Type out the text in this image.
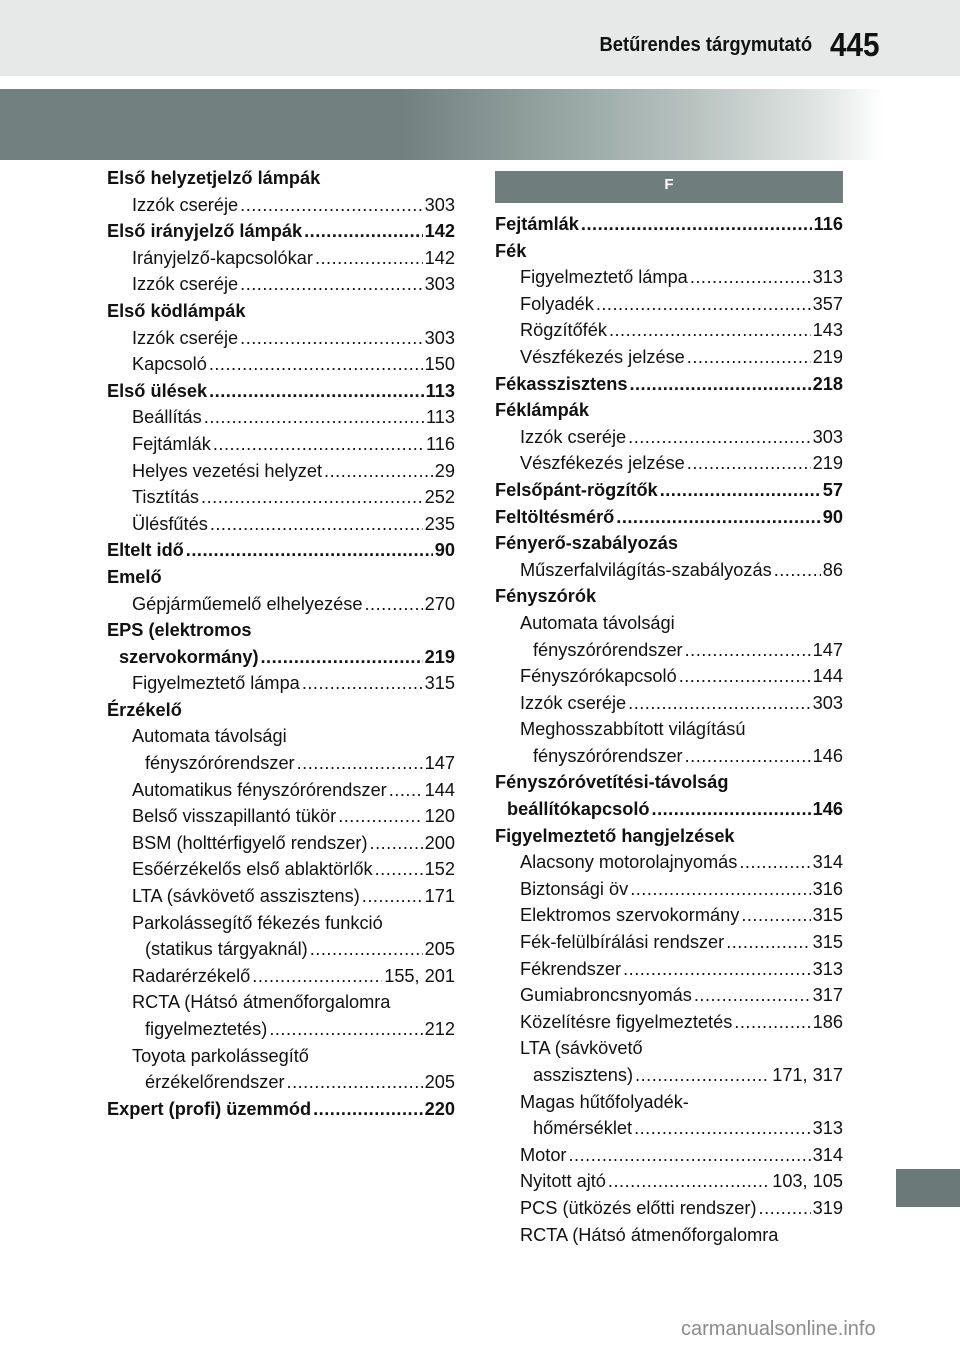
Betűrendes tárgymutató 445
Első helyzetjelző lámpák
Izzók cseréje .....	303
Első irányjelző lámpák .....	142
Irányjelző-kapcsolókar .....	142
Izzók cseréje .....	303
Első ködlámpák
Izzók cseréje .....	303
Kapcsoló .....	150
Első ülések .....	113
Beállítás .....	113
Fejtámlák .....	116
Helyes vezetési helyzet .....	29
Tisztítás .....	252
Ülésfűtés .....	235
Eltelt idő .....	90
Emelő
Gépjárműemelő elhelyezése .....	270
EPS (elektromos
szervokormány) .....	219
Figyelmeztető lámpa .....	315
Érzékelő
Automata távolsági
fényszórórendszer .....	147
Automatikus fényszórórendszer ..... 144
Belső visszapillantó tükör .....	120
BSM (holttérfigyelő rendszer) .....	200
Esőérzékelős első ablaktörlők .....	152
LTA (sávkövető asszisztens) .....	171
Parkolássegítő fékezés funkció
(statikus tárgyaknál) .....	205
Radarérzékelő .....	155, 201
RCTA (Hátsó átmenőforgalomra
figyelmeztetés) .....	212
Toyota parkolássegítő
érzékelőrendszer .....	205
Expert (profi) üzemmód .....	220
F
Fejtámlák .....	116
Fék
Figyelmeztető lámpa .....	313
Folyadék .....	357
Rögzítőfék .....	143
Vészfékezés jelzése .....	219
Fékasszisztens .....	218
Féklámpák
Izzók cseréje .....	303
Vészfékezés jelzése .....	219
Felsőpánt-rögzítők .....	57
Feltöltésmérő .....	90
Fényerő-szabályozás
Műszerfalvilágítás-szabályozás .....	86
Fényszórók
Automata távolsági
fényszórórendszer .....	147
Fényszórókapcsoló .....	144
Izzók cseréje .....	303
Meghosszabbított világítású
fényszórórendszer .....	146
Fényszóróvetítési-távolság
beállítókapcsoló .....	146
Figyelmeztető hangjelzések
Alacsony motorolajnyomás .....	314
Biztonsági öv .....	316
Elektromos szervokormány .....	315
Fék-felülbírálási rendszer .....	315
Fékrendszer .....	313
Gumiabroncsnyomás .....	317
Közelítésre figyelmeztetés .....	186
LTA (sávkövető
asszisztens) .....	171, 317
Magas hűtőfolyadék-
hőmérséklet .....	313
Motor .....	314
Nyitott ajtó .....	103, 105
PCS (ütközés előtti rendszer) .....	319
RCTA (Hátsó átmenőforgalomra
carmanualsonline.info
